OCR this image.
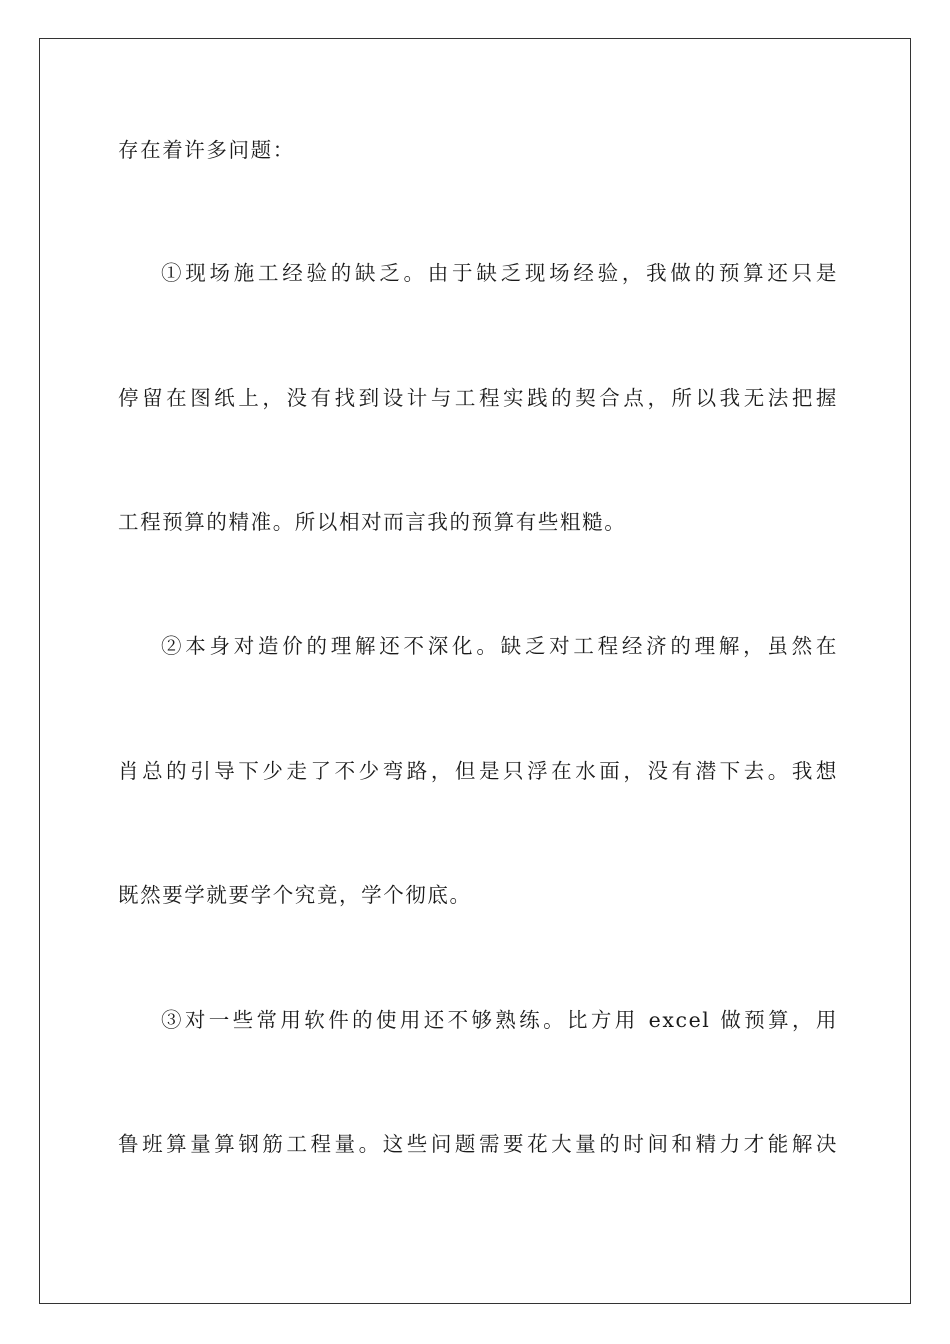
存在着许多问题：
①现场施工经验的缺乏。由于缺乏现场经验，我做的预算还只是
停留在图纸上，没有找到设计与工程实践的契合点，所以我无法把握
工程预算的精准。所以相对而言我的预算有些粗糙。
②本身对造价的理解还不深化。缺乏对工程经济的理解，虽然在
肖总的引导下少走了不少弯路，但是只浮在水面，没有潜下去。我想
既然要学就要学个究竟，学个彻底。
③对一些常用软件的使用还不够熟练。比方用 excel 做预算，用
鲁班算量算钢筋工程量。这些问题需要花大量的时间和精力才能解决
